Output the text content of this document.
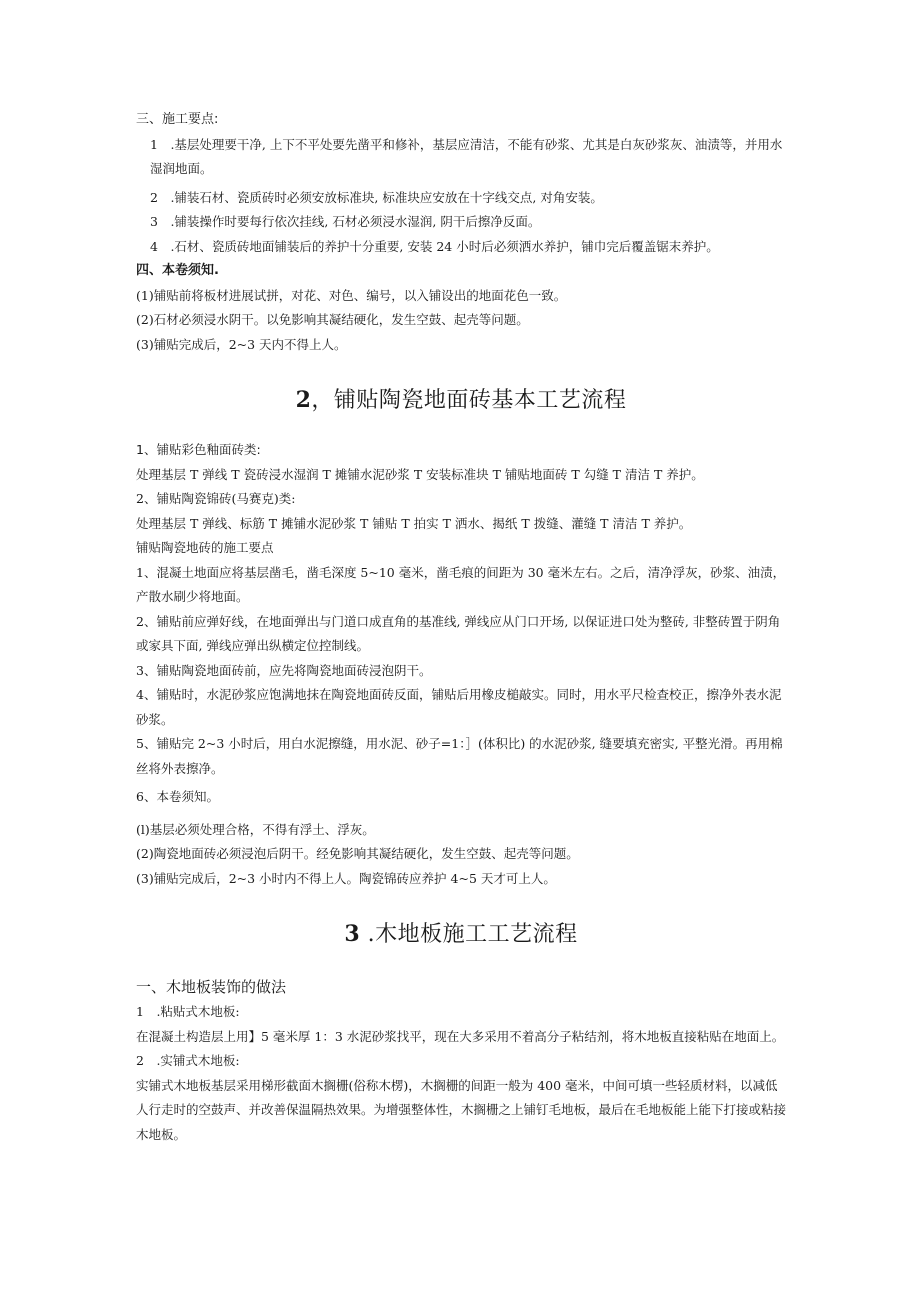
三、施工要点:

1　.基层处理要干净, 上下不平处要先凿平和修补，基层应清洁，不能有砂浆、尤其是白灰砂浆灰、油渍等，并用水湿润地面。

2　.铺装石材、瓷质砖时必须安放标准块, 标准块应安放在十字线交点, 对角安装。

3　.铺装操作时要每行依次挂线, 石材必须浸水湿润, 阴干后擦净反面。

4　.石材、瓷质砖地面铺装后的养护十分重要, 安装 24 小时后必须洒水养护，铺巾完后覆盖锯末养护。

四、本卷须知.

(1)铺贴前将板材进展试拼，对花、对色、编号，以入铺设出的地面花色一致。

(2)石材必须浸水阴干。以免影响其凝结硬化，发生空鼓、起壳等问题。

(3)铺贴完成后，2~3 天内不得上人。

2，铺贴陶瓷地面砖基本工艺流程

1、铺贴彩色釉面砖类:

处理基层 T 弹线 T 瓷砖浸水湿润 T 摊铺水泥砂浆 T 安装标准块 T 铺贴地面砖 T 勾缝 T 清洁 T 养护。

2、铺贴陶瓷锦砖(马赛克)类:

处理基层 T 弹线、标筋 T 摊铺水泥砂浆 T 铺贴 T 拍实 T 洒水、揭纸 T 拨缝、灌缝 T 清洁 T 养护。

铺贴陶瓷地砖的施工要点

1、混凝土地面应将基层凿毛，凿毛深度 5~10 毫米，凿毛痕的间距为 30 毫米左右。之后，清净浮灰，砂浆、油渍，产散水刷少将地面。

2、铺贴前应弹好线，在地面弹出与门道口成直角的基准线, 弹线应从门口开场, 以保证进口处为整砖, 非整砖置于阴角或家具下面, 弹线应弹出纵横定位控制线。

3、铺贴陶瓷地面砖前，应先将陶瓷地面砖浸泡阴干。

4、铺贴时，水泥砂浆应饱满地抹在陶瓷地面砖反面，铺贴后用橡皮槌敲实。同时，用水平尺检查校正，擦净外表水泥砂浆。

5、铺贴完 2~3 小时后，用白水泥擦缝，用水泥、砂子=1：］(体积比) 的水泥砂浆, 缝要填充密实, 平整光滑。再用棉丝将外表擦净。

6、本卷须知。

(l)基层必须处理合格，不得有浮土、浮灰。

(2)陶瓷地面砖必须浸泡后阴干。经免影响其凝结硬化，发生空鼓、起壳等问题。

(3)铺贴完成后，2~3 小时内不得上人。陶瓷锦砖应养护 4~5 天才可上人。

3 .木地板施工工艺流程

一、木地板装饰的做法

1　.粘贴式木地板:

在混凝土构造层上用】5 毫米厚 1：3 水泥砂浆找平，现在大多采用不着高分子粘结剂，将木地板直接粘贴在地面上。

2　.实铺式木地板:

实铺式木地板基层采用梯形截面木搁栅(俗称木楞)，木搁栅的间距一般为 400 毫米，中间可填一些轻质材料，以减低人行走时的空鼓声、并改善保温隔热效果。为增强整体性，木搁栅之上铺钉毛地板，最后在毛地板能上能下打接或粘接木地板。
